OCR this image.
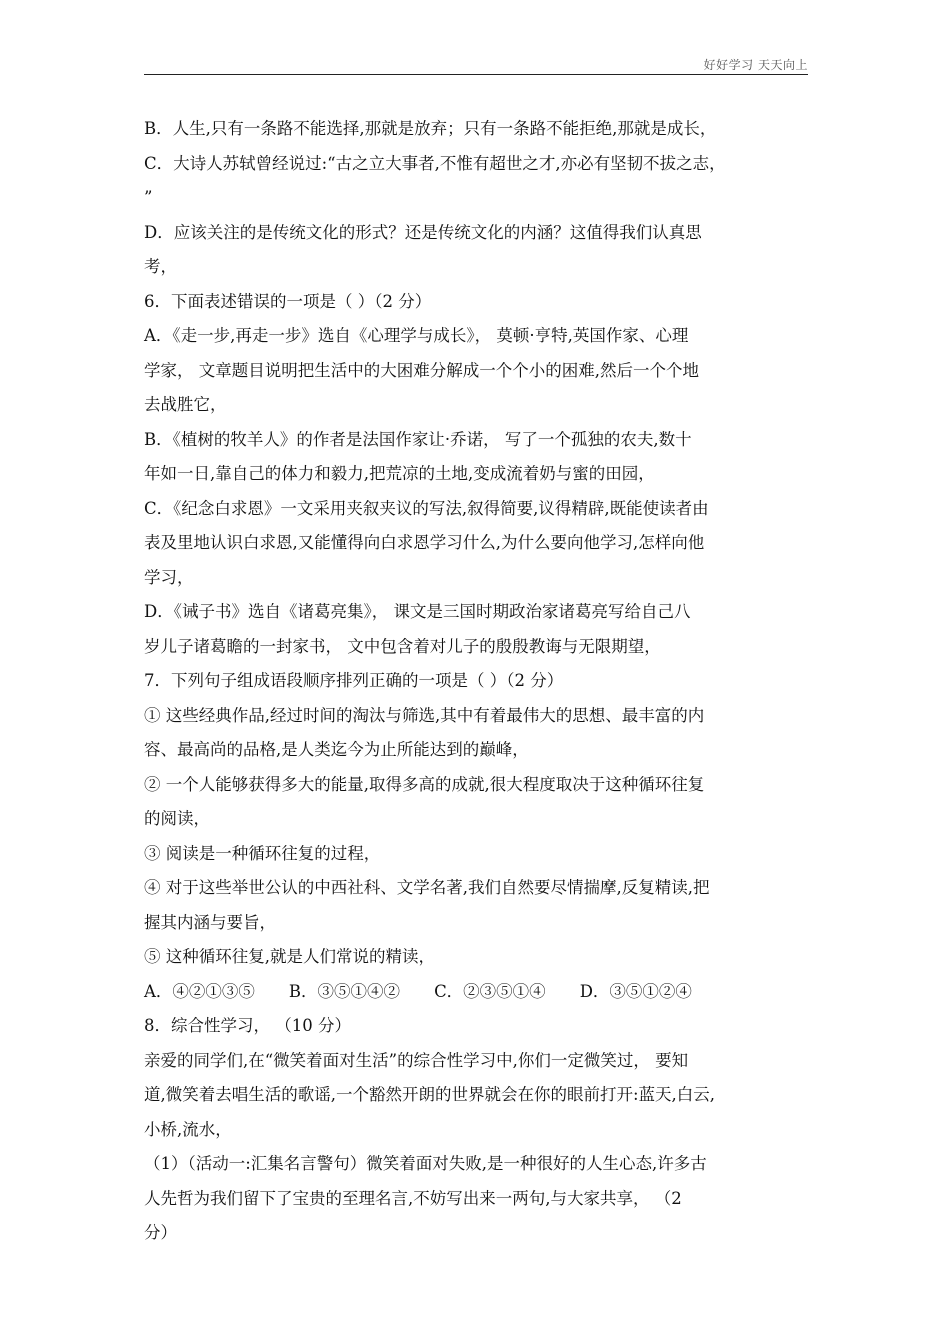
好好学习 天天向上
B．人生,只有一条路不能选择,那就是放弃；只有一条路不能拒绝,那就是成长，
C．大诗人苏轼曾经说过:“古之立大事者,不惟有超世之才,亦必有坚韧不拔之志，
”
D．应该关注的是传统文化的形式？还是传统文化的内涵？这值得我们认真思
考，
6．下面表述错误的一项是（ ）（2 分）
A．《走一步,再走一步》选自《心理学与成长》， 莫顿·亨特,英国作家、心理
学家， 文章题目说明把生活中的大困难分解成一个个小的困难,然后一个个地
去战胜它，
B．《植树的牧羊人》的作者是法国作家让·乔诺， 写了一个孤独的农夫,数十
年如一日,靠自己的体力和毅力,把荒凉的土地,变成流着奶与蜜的田园，
C．《纪念白求恩》一文采用夹叙夹议的写法,叙得简要,议得精辟,既能使读者由
表及里地认识白求恩,又能懂得向白求恩学习什么,为什么要向他学习,怎样向他
学习，
D．《诫子书》选自《诸葛亮集》， 课文是三国时期政治家诸葛亮写给自己八
岁儿子诸葛瞻的一封家书， 文中包含着对儿子的殷殷教诲与无限期望，
7．下列句子组成语段顺序排列正确的一项是（ ）（2 分）
① 这些经典作品,经过时间的淘汰与筛选,其中有着最伟大的思想、最丰富的内
容、最高尚的品格,是人类迄今为止所能达到的巅峰，
② 一个人能够获得多大的能量,取得多高的成就,很大程度取决于这种循环往复
的阅读，
③ 阅读是一种循环往复的过程，
④ 对于这些举世公认的中西社科、文学名著,我们自然要尽情揣摩,反复精读,把
握其内涵与要旨，
⑤ 这种循环往复,就是人们常说的精读，
A．④②①③⑤ B．③⑤①④② C．②③⑤①④ D．③⑤①②④
8．综合性学习， （10 分）
亲爱的同学们,在“微笑着面对生活”的综合性学习中,你们一定微笑过， 要知
道,微笑着去唱生活的歌谣,一个豁然开朗的世界就会在你的眼前打开:蓝天,白云,
小桥,流水，
（1）（活动一:汇集名言警句）微笑着面对失败,是一种很好的人生心态,许多古
人先哲为我们留下了宝贵的至理名言,不妨写出来一两句,与大家共享， （2
分）
